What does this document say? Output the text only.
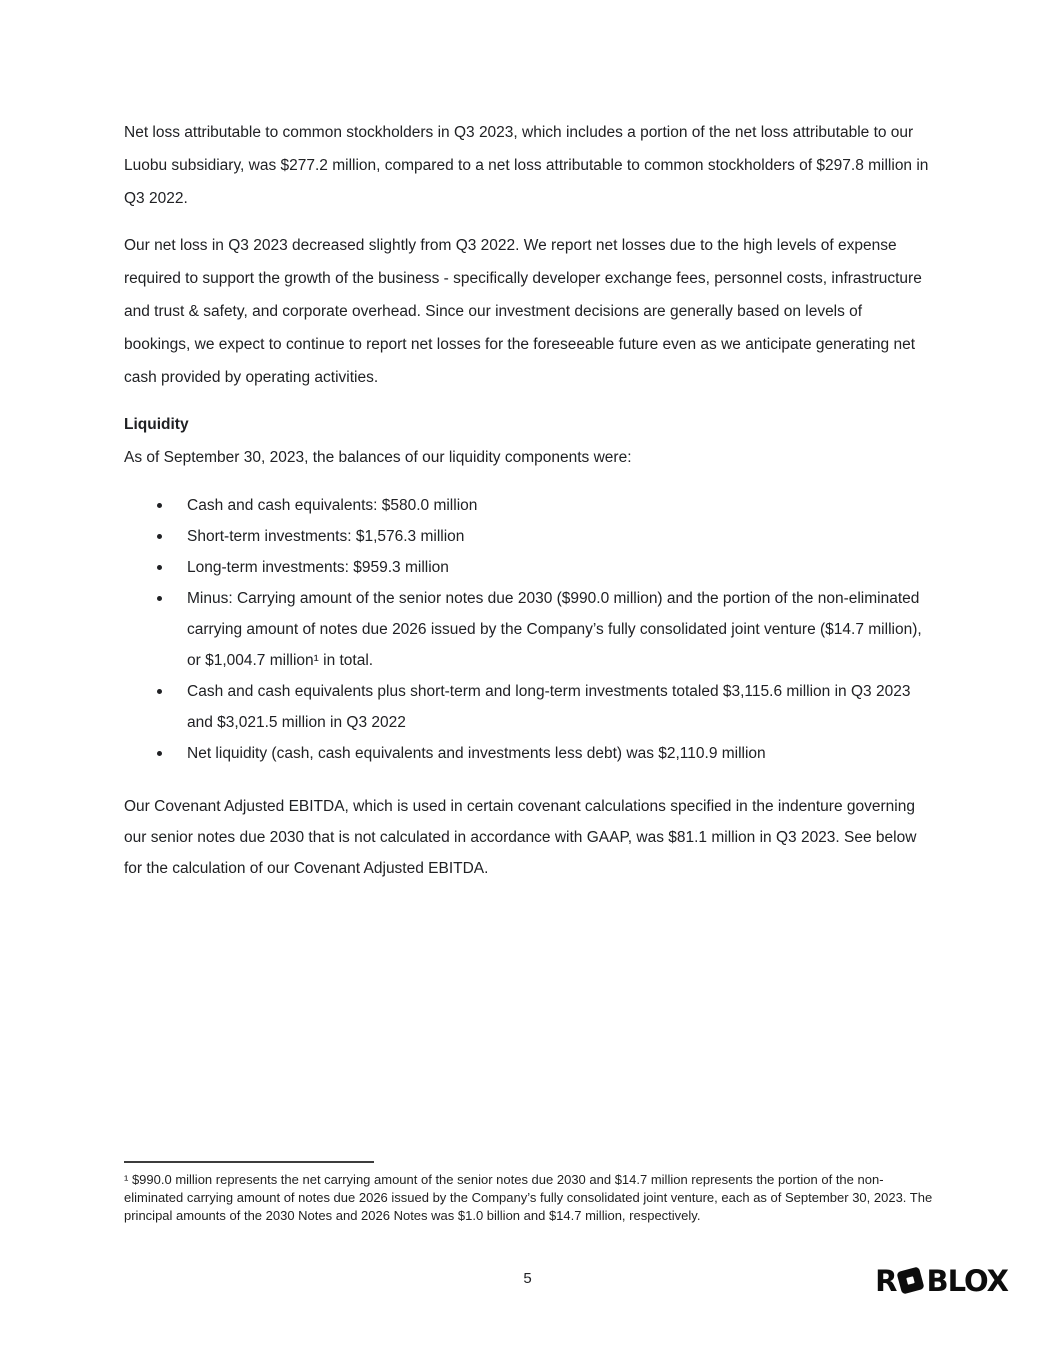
Net loss attributable to common stockholders in Q3 2023, which includes a portion of the net loss attributable to our Luobu subsidiary, was $277.2 million, compared to a net loss attributable to common stockholders of $297.8 million in Q3 2022.

Our net loss in Q3 2023 decreased slightly from Q3 2022. We report net losses due to the high levels of expense required to support the growth of the business - specifically developer exchange fees, personnel costs, infrastructure and trust & safety, and corporate overhead. Since our investment decisions are generally based on levels of bookings, we expect to continue to report net losses for the foreseeable future even as we anticipate generating net cash provided by operating activities.

Liquidity

As of September 30, 2023, the balances of our liquidity components were:

Cash and cash equivalents: $580.0 million
Short-term investments: $1,576.3 million
Long-term investments: $959.3 million
Minus: Carrying amount of the senior notes due 2030 ($990.0 million) and the portion of the non-eliminated carrying amount of notes due 2026 issued by the Company’s fully consolidated joint venture ($14.7 million), or $1,004.7 million¹ in total.
Cash and cash equivalents plus short-term and long-term investments totaled $3,115.6 million in Q3 2023 and $3,021.5 million in Q3 2022
Net liquidity (cash, cash equivalents and investments less debt) was $2,110.9 million

Our Covenant Adjusted EBITDA, which is used in certain covenant calculations specified in the indenture governing our senior notes due 2030 that is not calculated in accordance with GAAP, was $81.1 million in Q3 2023. See below for the calculation of our Covenant Adjusted EBITDA.

¹ $990.0 million represents the net carrying amount of the senior notes due 2030 and $14.7 million represents the portion of the non-eliminated carrying amount of notes due 2026 issued by the Company’s fully consolidated joint venture, each as of September 30, 2023. The principal amounts of the 2030 Notes and 2026 Notes was $1.0 billion and $14.7 million, respectively.
5	R BLOX
